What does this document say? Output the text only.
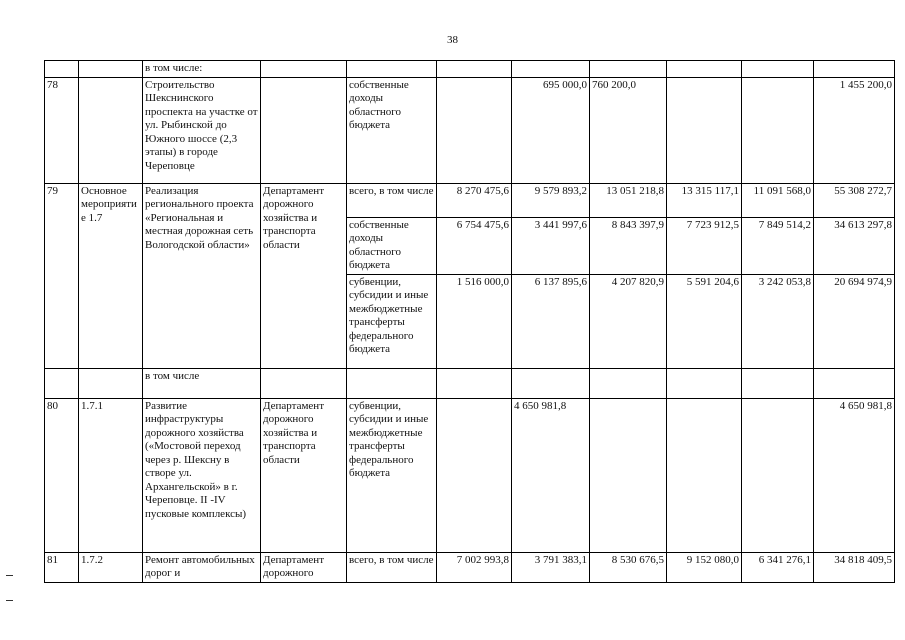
38
		в том числе:								
78		Строительство Шекснинского проспекта на участке от ул. Рыбинской до Южного шоссе (2,3 этапы) в городе Череповце		собственные доходы областного бюджета		695 000,0	760 200,0			1 455 200,0
79	Основное мероприятие 1.7	Реализация регионального проекта «Региональная и местная дорожная сеть Вологодской области»	Департамент дорожного хозяйства и транспорта области	всего, в том числе	8 270 475,6	9 579 893,2	13 051 218,8	13 315 117,1	11 091 568,0	55 308 272,7
				собственные доходы областного бюджета	6 754 475,6	3 441 997,6	8 843 397,9	7 723 912,5	7 849 514,2	34 613 297,8
				субвенции, субсидии и иные межбюджетные трансферты федерального бюджета	1 516 000,0	6 137 895,6	4 207 820,9	5 591 204,6	3 242 053,8	20 694 974,9
		в том числе								
80	1.7.1	Развитие инфраструктуры дорожного хозяйства («Мостовой переход через р. Шексну в створе ул. Архангельской» в г. Череповце. II -IV пусковые комплексы)	Департамент дорожного хозяйства и транспорта области	субвенции, субсидии и иные межбюджетные трансферты федерального бюджета		4 650 981,8				4 650 981,8
81	1.7.2	Ремонт автомобильных дорог и	Департамент дорожного	всего, в том числе	7 002 993,8	3 791 383,1	8 530 676,5	9 152 080,0	6 341 276,1	34 818 409,5
